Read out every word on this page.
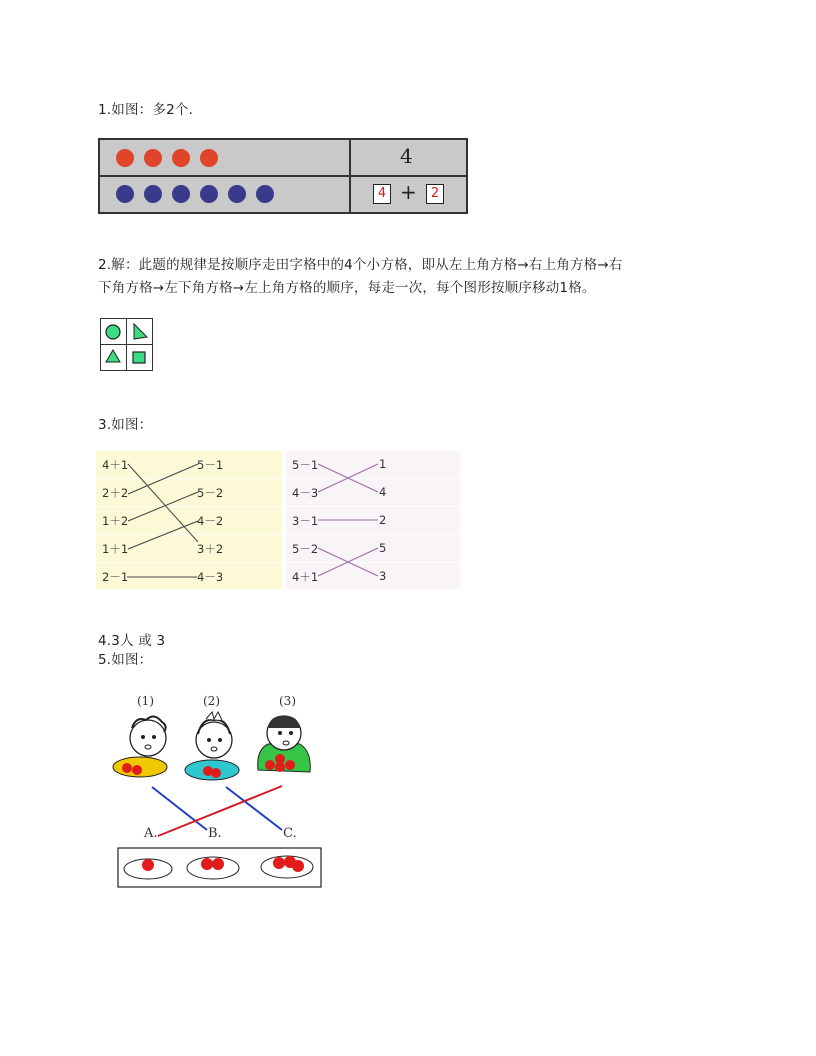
1.如图：多2个.
4
4 +	2
2.解：此题的规律是按顺序走田字格中的4个小方格，即从左上角方格→右上角方格→右
下角方格→左下角方格→左上角方格的顺序，每走一次，每个图形按顺序移动1格。
3.如图：
4＋1
2＋2
1＋2
1＋1
2－1
5－1
5－2
4－2
3＋2
4－3
5－1
4－3
3－1
5－2
4＋1
1
4
2
5
3
4.3人 或 3
5.如图：
(1)	(2)	(3)
A.	B.	C.
